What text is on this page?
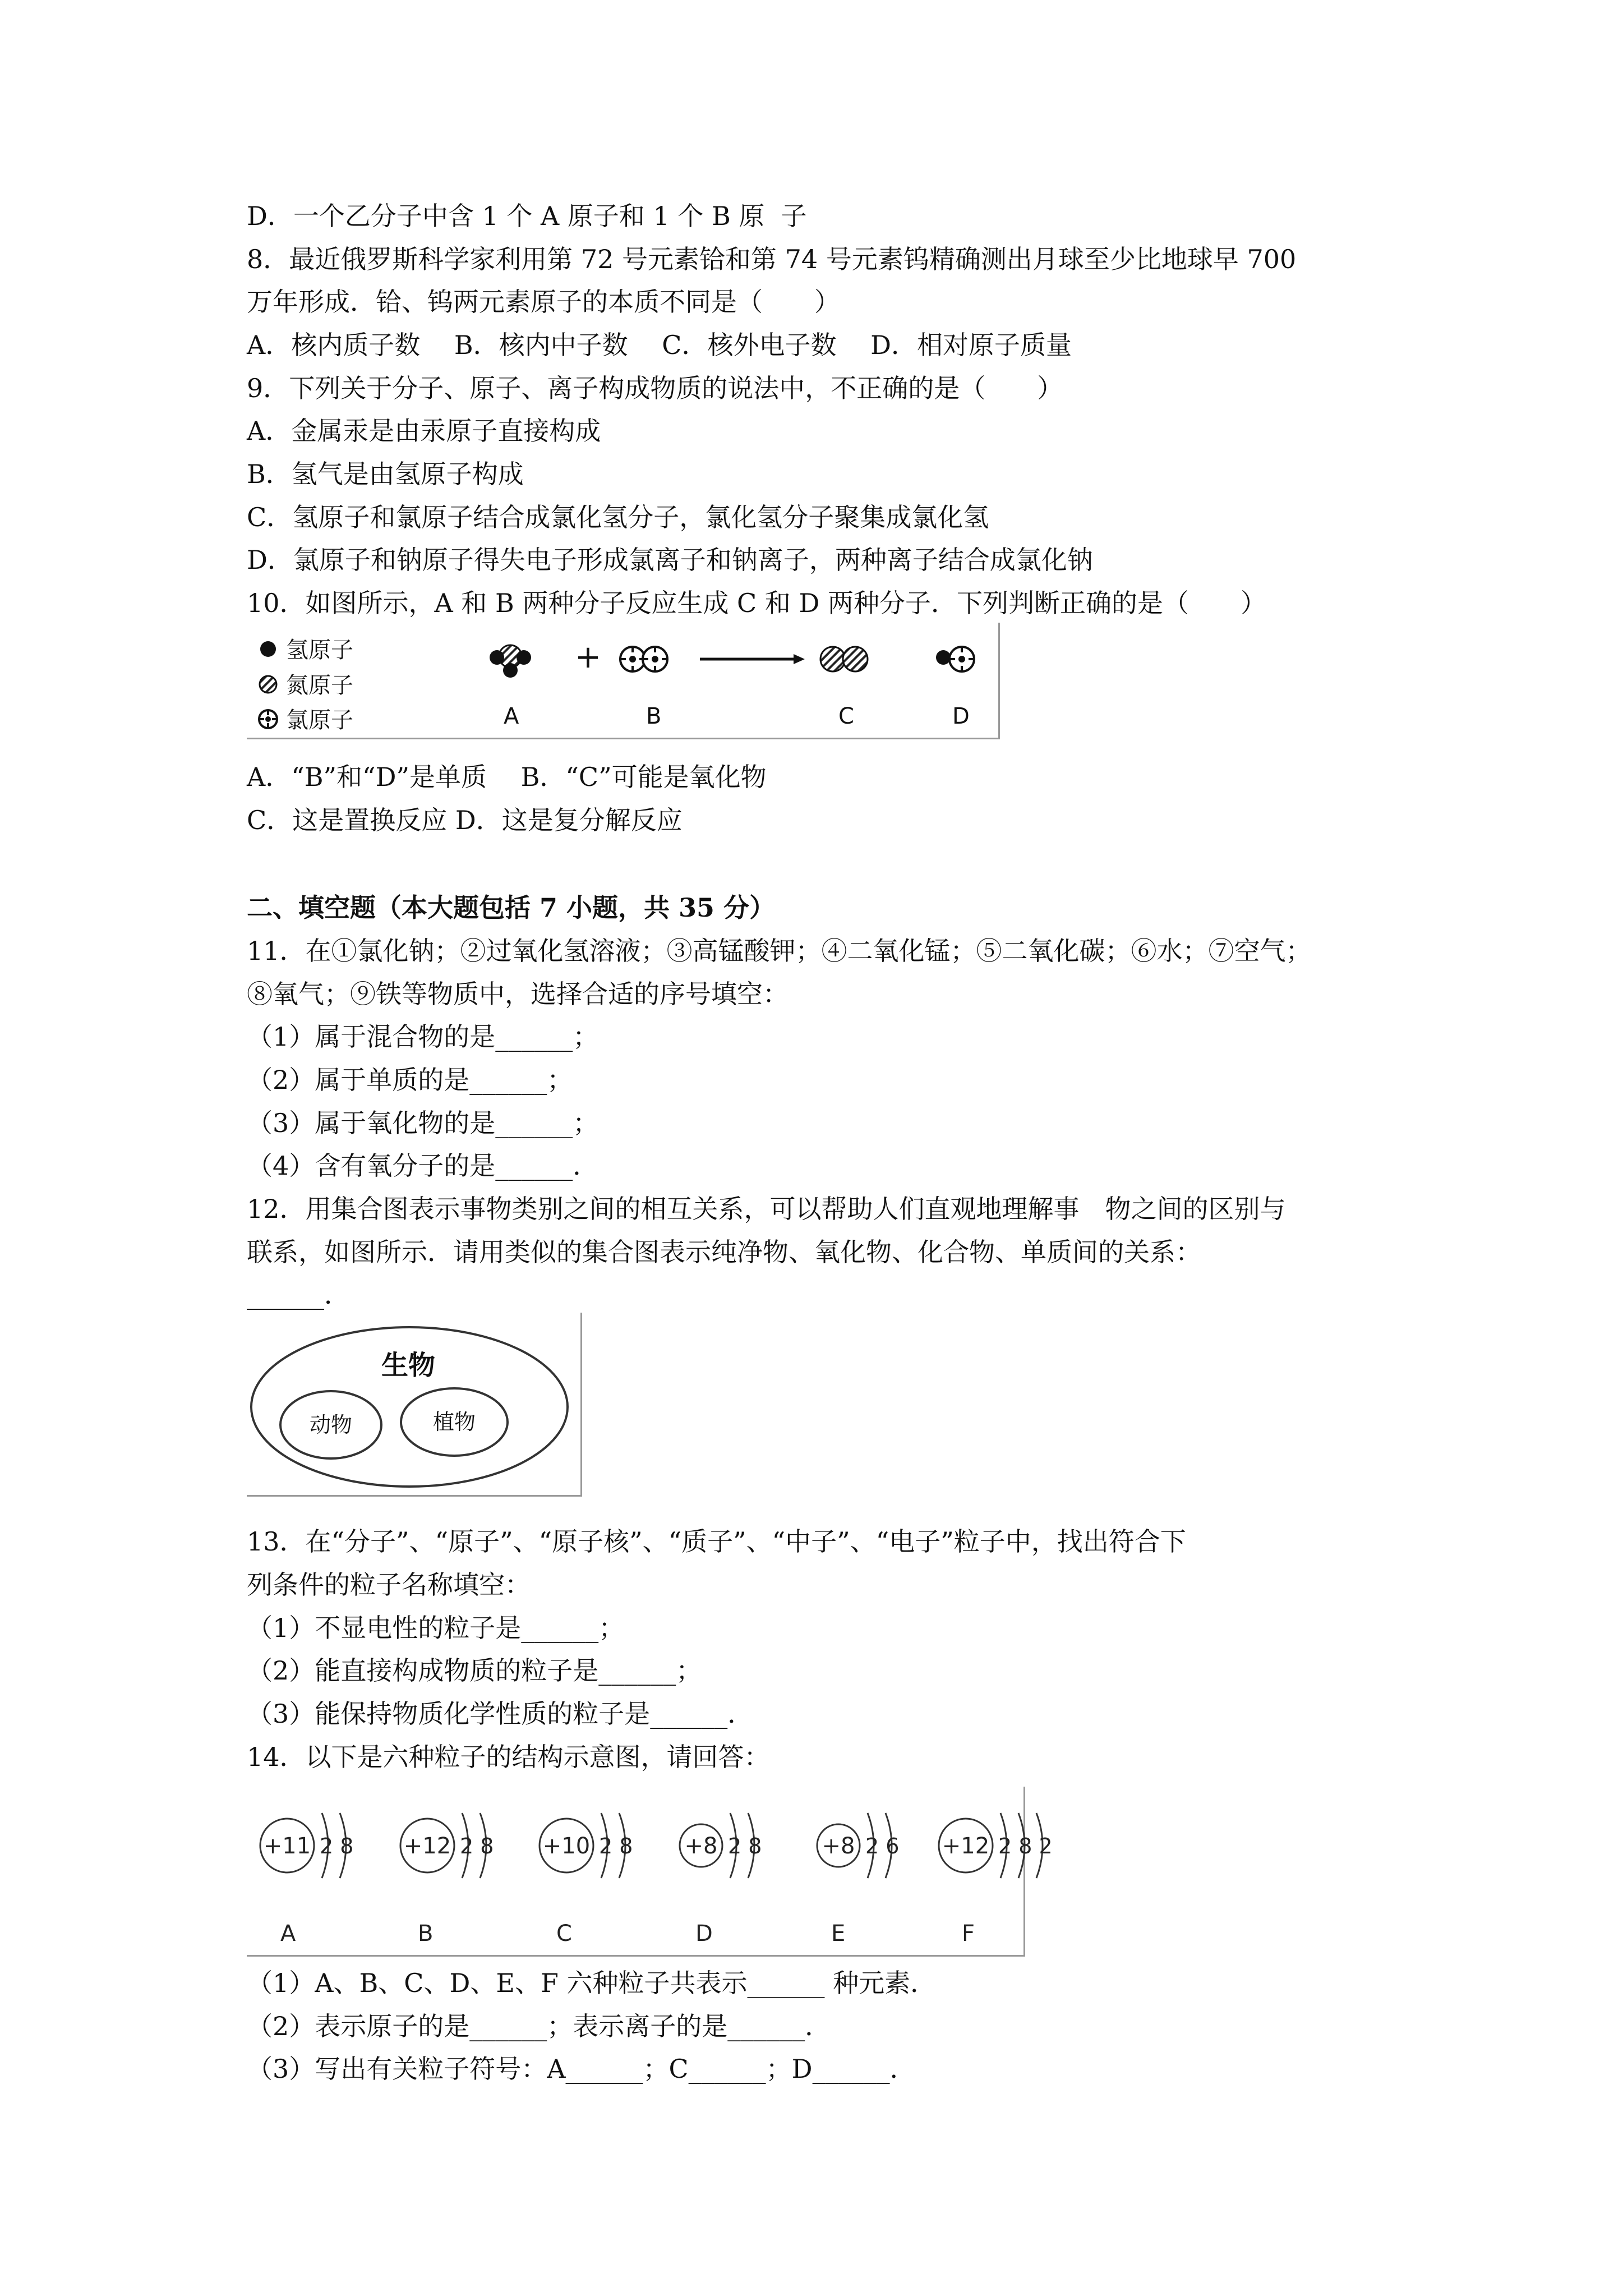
D．一个乙分子中含 1 个 A 原子和 1 个 B 原  子
8．最近俄罗斯科学家利用第 72 号元素铪和第 74 号元素钨精确测出月球至少比地球早 700
万年形成．铪、钨两元素原子的本质不同是（　　）
A．核内质子数　 B．核内中子数　 C．核外电子数　 D．相对原子质量
9．下列关于分子、原子、离子构成物质的说法中，不正确的是（　　）
A．金属汞是由汞原子直接构成
B．氢气是由氢原子构成
C．氢原子和氯原子结合成氯化氢分子，氯化氢分子聚集成氯化氢
D．氯原子和钠原子得失电子形成氯离子和钠离子，两种离子结合成氯化钠
10．如图所示，A 和 B 两种分子反应生成 C 和 D 两种分子．下列判断正确的是（　　）
氢原子
氮原子
氯原子
+
A	B	C	D
A．“B”和“D”是单质　 B．“C”可能是氧化物
C．这是置换反应 D．这是复分解反应
二、填空题（本大题包括 7 小题，共 35 分）
11．在①氯化钠；②过氧化氢溶液；③高锰酸钾；④二氧化锰；⑤二氧化碳；⑥水；⑦空气；
⑧氧气；⑨铁等物质中，选择合适的序号填空：
（1）属于混合物的是______；
（2）属于单质的是______；
（3）属于氧化物的是______；
（4）含有氧分子的是______．
12．用集合图表示事物类别之间的相互关系，可以帮助人们直观地理解事　物之间的区别与
联系，如图所示．请用类似的集合图表示纯净物、氧化物、化合物、单质间的关系：
______．
生物
动物	植物
13．在“分子”、“原子”、“原子核”、“质子”、“中子”、“电子”粒子中，找出符合下
列条件的粒子名称填空：
（1）不显电性的粒子是______；
（2）能直接构成物质的粒子是______；
（3）能保持物质化学性质的粒子是______．
14．以下是六种粒子的结构示意图，请回答：
+11 2 8
A
+12 2 8
B
+10 2 8
C
+8 2 8
D
+8 2 6
E
+12 2 8 2
F
（1）A、B、C、D、E、F 六种粒子共表示______ 种元素．
（2）表示原子的是______；表示离子的是______．
（3）写出有关粒子符号：A______；C______；D______．
